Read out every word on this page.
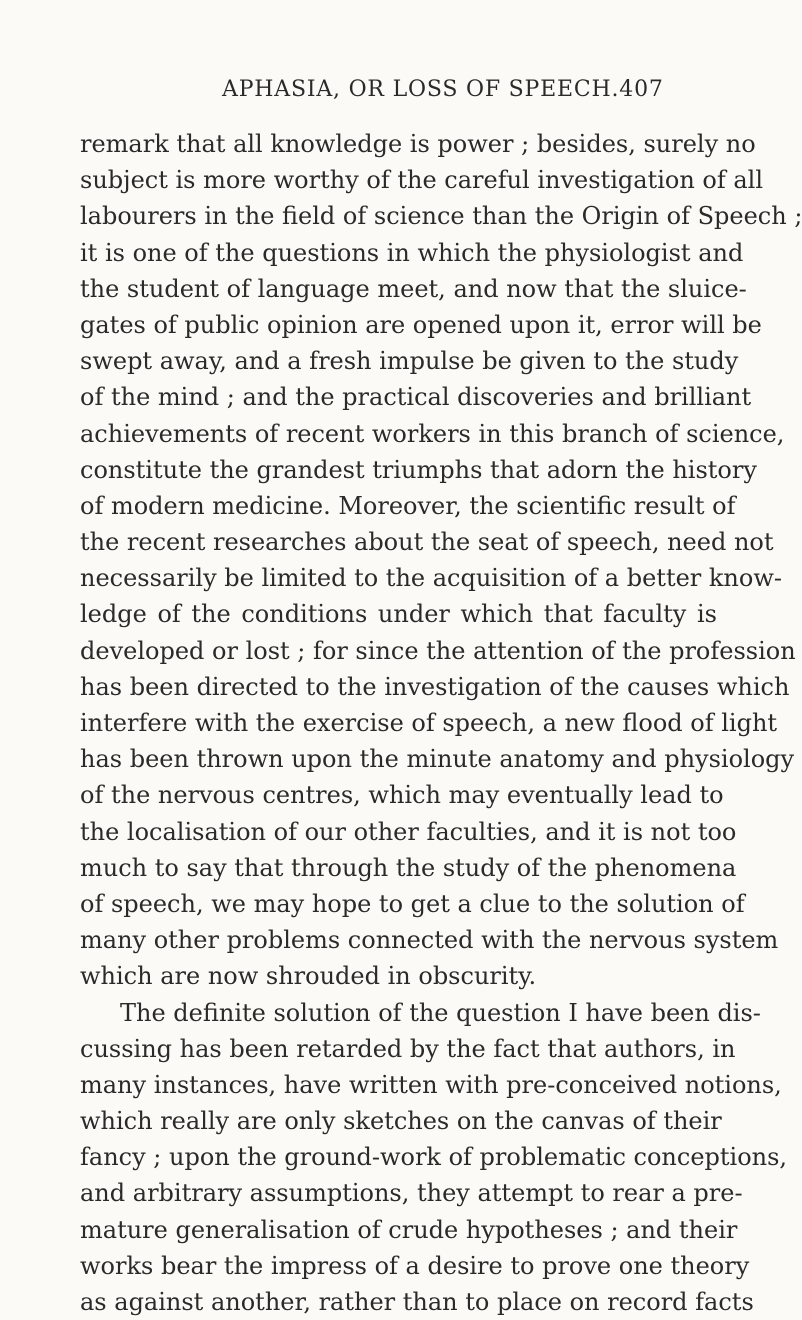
APHASIA, OR LOSS OF SPEECH. 407
remark that all knowledge is power ; besides, surely no
subject is more worthy of the careful investigation of all
labourers in the field of science than the Origin of Speech ;
it is one of the questions in which the physiologist and
the student of language meet, and now that the sluice-
gates of public opinion are opened upon it, error will be
swept away, and a fresh impulse be given to the study
of the mind ; and the practical discoveries and brilliant
achievements of recent workers in this branch of science,
constitute the grandest triumphs that adorn the history
of modern medicine. Moreover, the scientific result of
the recent researches about the seat of speech, need not
necessarily be limited to the acquisition of a better know-
ledge of the conditions under which that faculty is
developed or lost ; for since the attention of the profession
has been directed to the investigation of the causes which
interfere with the exercise of speech, a new flood of light
has been thrown upon the minute anatomy and physiology
of the nervous centres, which may eventually lead to
the localisation of our other faculties, and it is not too
much to say that through the study of the phenomena
of speech, we may hope to get a clue to the solution of
many other problems connected with the nervous system
which are now shrouded in obscurity.
The definite solution of the question I have been dis-
cussing has been retarded by the fact that authors, in
many instances, have written with pre-conceived notions,
which really are only sketches on the canvas of their
fancy ; upon the ground-work of problematic conceptions,
and arbitrary assumptions, they attempt to rear a pre-
mature generalisation of crude hypotheses ; and their
works bear the impress of a desire to prove one theory
as against another, rather than to place on record facts
